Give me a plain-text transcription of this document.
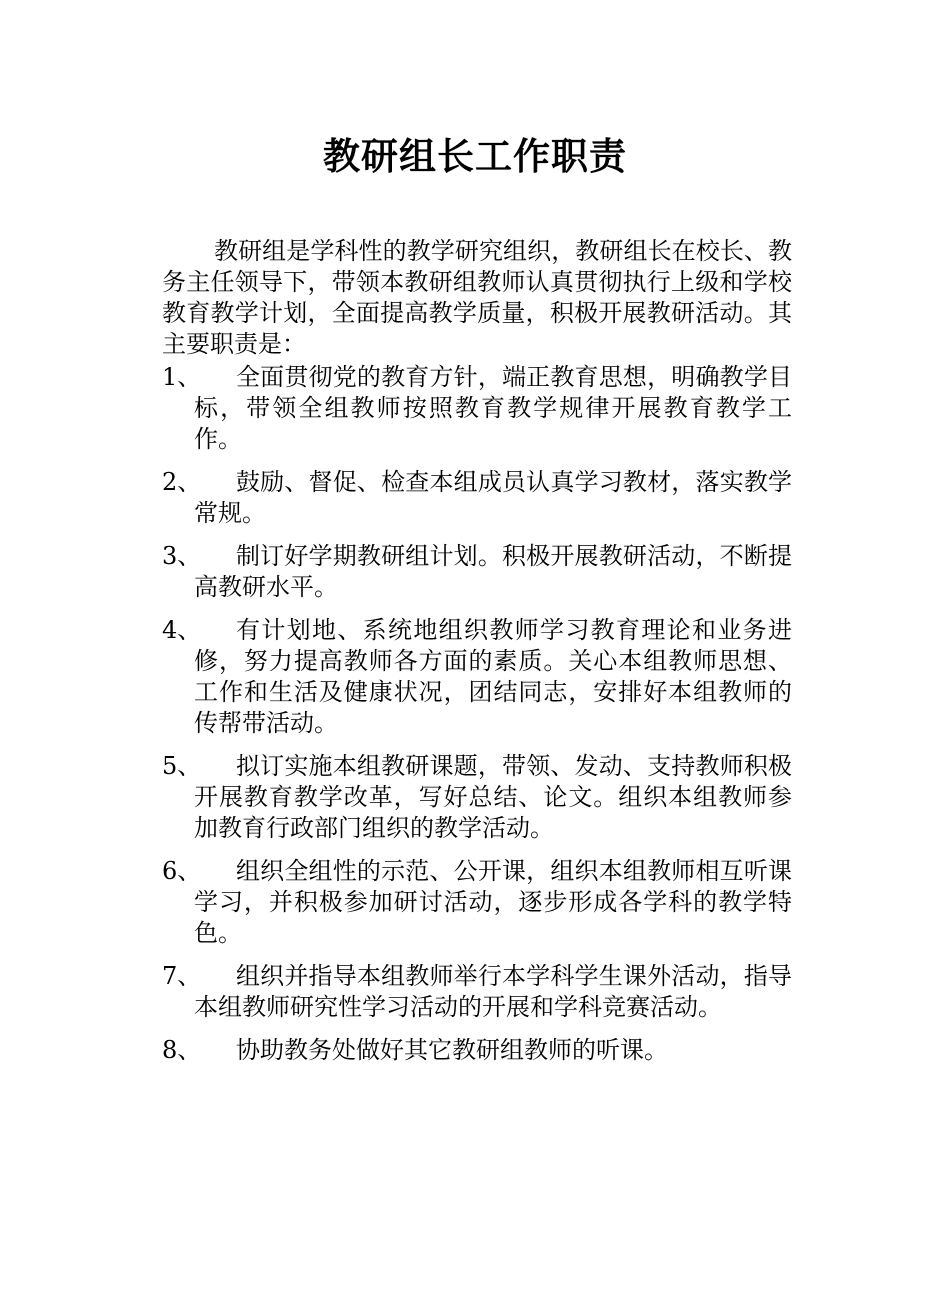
教研组长工作职责

教研组是学科性的教学研究组织，教研组长在校长、教务主任领导下，带领本教研组教师认真贯彻执行上级和学校教育教学计划，全面提高教学质量，积极开展教研活动。其主要职责是：

1、	全面贯彻党的教育方针，端正教育思想，明确教学目标，带领全组教师按照教育教学规律开展教育教学工作。
2、	鼓励、督促、检查本组成员认真学习教材，落实教学常规。
3、	制订好学期教研组计划。积极开展教研活动，不断提高教研水平。
4、	有计划地、系统地组织教师学习教育理论和业务进修，努力提高教师各方面的素质。关心本组教师思想、工作和生活及健康状况，团结同志，安排好本组教师的传帮带活动。
5、	拟订实施本组教研课题，带领、发动、支持教师积极开展教育教学改革，写好总结、论文。组织本组教师参加教育行政部门组织的教学活动。
6、	组织全组性的示范、公开课，组织本组教师相互听课学习，并积极参加研讨活动，逐步形成各学科的教学特色。
7、	组织并指导本组教师举行本学科学生课外活动，指导本组教师研究性学习活动的开展和学科竞赛活动。
8、	协助教务处做好其它教研组教师的听课。
